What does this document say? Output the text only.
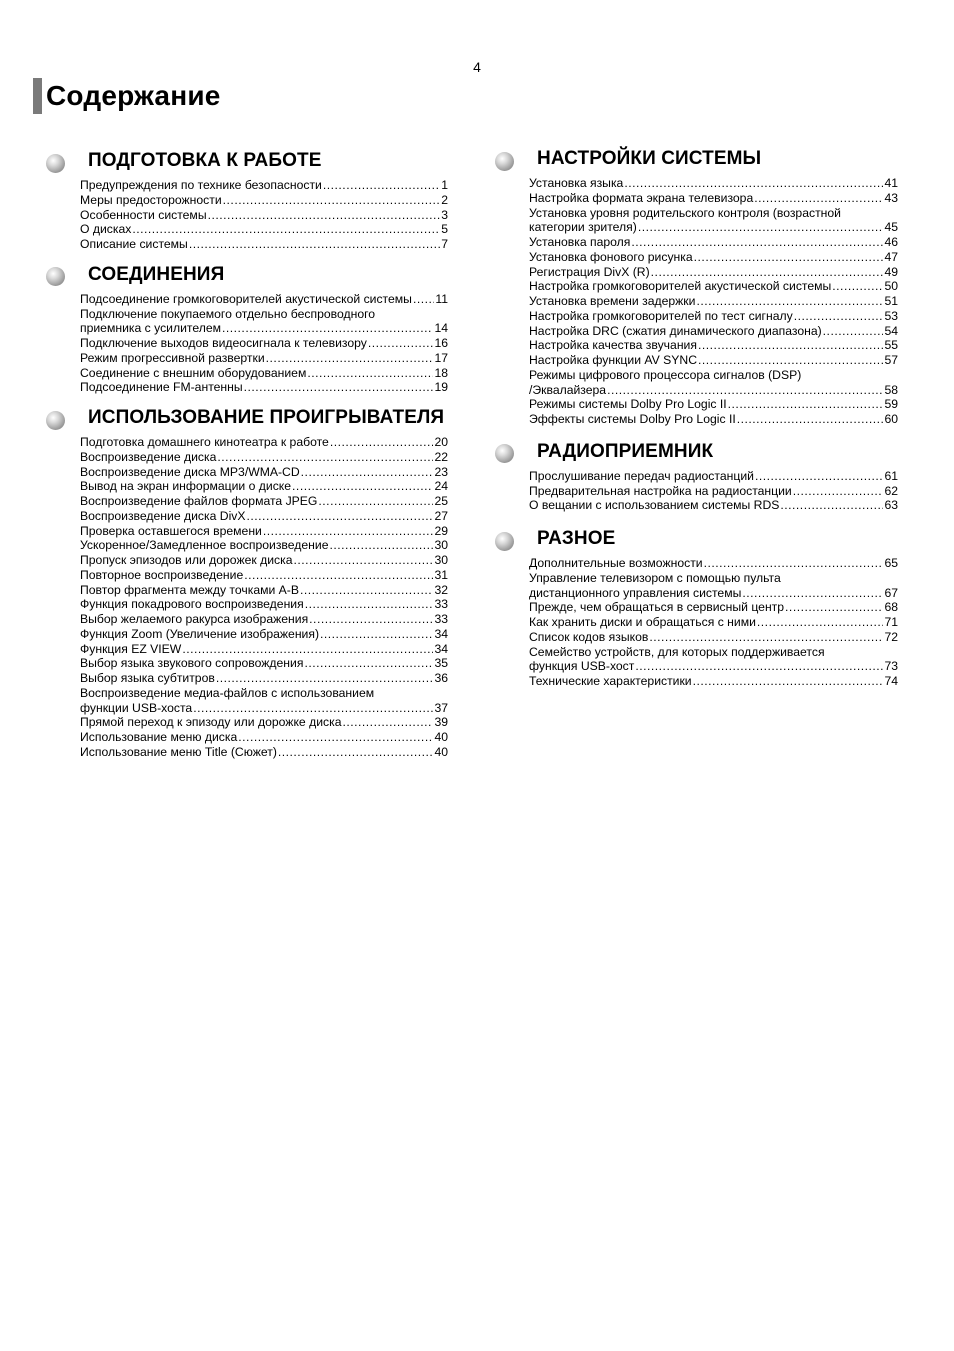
4
Содержание
ПОДГОТОВКА К РАБОТЕ
Предупреждения по технике безопасности .....	1
Меры предосторожности .....	2
Особенности системы .....	3
О дисках .....	5
Описание системы .....	7
СОЕДИНЕНИЯ
Подсоединение громкоговорителей акустической системы ..... 11
Подключение покупаемого отдельно беспроводного
приемника с усилителем .....	14
Подключение выходов видеосигнала к телевизору .....	16
Режим прогрессивной развертки .....	17
Соединение с внешним оборудованием .....	18
Подсоединение FM-антенны .....	19
ИСПОЛЬЗОВАНИЕ ПРОИГРЫВАТЕЛЯ
Подготовка домашнего кинотеатра к работе .....	20
Воспроизведение диска .....	22
Воспроизведение диска MP3/WMA-CD .....	23
Вывод на экран информации о диске .....	24
Воспроизведение файлов формата JPEG .....	25
Воспроизведение диска DivX .....	27
Проверка оставшегося времени .....	29
Ускоренное/Замедленное воспроизведение .....	30
Пропуск эпизодов или дорожек диска .....	30
Повторное воспроизведение .....	31
Повтор фрагмента между точками A-B .....	32
Функция покадрового воспроизведения .....	33
Выбор желаемого ракурса изображения .....	33
Функция Zoom (Увеличение изображения) .....	34
Функция EZ VIEW .....	34
Выбор языка звукового сопровождения .....	35
Выбор языка субтитров .....	36
Воспроизведение медиа-файлов с использованием
функции USB-хоста .....	37
Прямой переход к эпизоду или дорожке диска .....	39
Использование меню диска .....	40
Использование меню Title (Сюжет) .....	40
НАСТРОЙКИ СИСТЕМЫ
Установка языка .....	41
Настройка формата экрана телевизора .....	43
Установка уровня родительского контроля (возрастной
категории зрителя) .....	45
Установка пароля .....	46
Установка фонового рисунка .....	47
Регистрация DivX (R) .....	49
Настройка громкоговорителей акустической системы .....	50
Установка времени задержки .....	51
Настройка громкоговорителей по тест сигналу .....	53
Настройка DRC (сжатия динамического диапазона) .....	54
Настройка качества звучания .....	55
Настройка функции AV SYNC .....	57
Режимы цифрового процессора сигналов (DSP)
/Эквалайзера .....	58
Режимы системы Dolby Pro Logic II .....	59
Эффекты системы Dolby Pro Logic II .....	60
РАДИОПРИЕМНИК
Прослушивание передач радиостанций .....	61
Предварительная настройка на радиостанции .....	62
О вещании с использованием системы RDS .....	63
РАЗНОЕ
Дополнительные возможности .....	65
Управление телевизором с помощью пульта
дистанционного управления системы .....	67
Прежде, чем обращаться в сервисный центр .....	68
Как хранить диски и обращаться с ними .....	71
Список кодов языков .....	72
Семейство устройств, для которых поддерживается
функция USB-хост .....	73
Технические характеристики .....	74
